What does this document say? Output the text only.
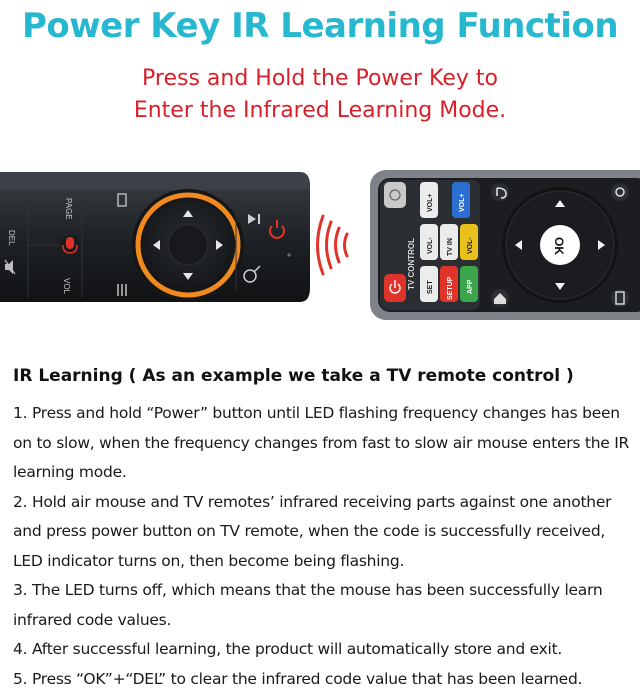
Power Key IR Learning Function
Press and Hold the Power Key to
Enter the Infrared Learning Mode.
DEL
PAGE
VOL	TV CONTROL
VOL+
VOL-
SET
TV IN
VOL+
VOL-
SETUP APP
OK
IR Learning ( As an example we take a TV remote control )
1. Press and hold “Power” button until LED flashing frequency changes has been on to slow, when the frequency changes from fast to slow air mouse enters the IR learning mode.
2. Hold air mouse and TV remotes’ infrared receiving parts against one another and press power button on TV remote, when the code is successfully received, LED indicator turns on, then become being flashing.
3. The LED turns off, which means that the mouse has been successfully learn infrared code values.
4. After successful learning, the product will automatically store and exit.
5. Press “OK”+“DEL” to clear the infrared code value that has been learned.
